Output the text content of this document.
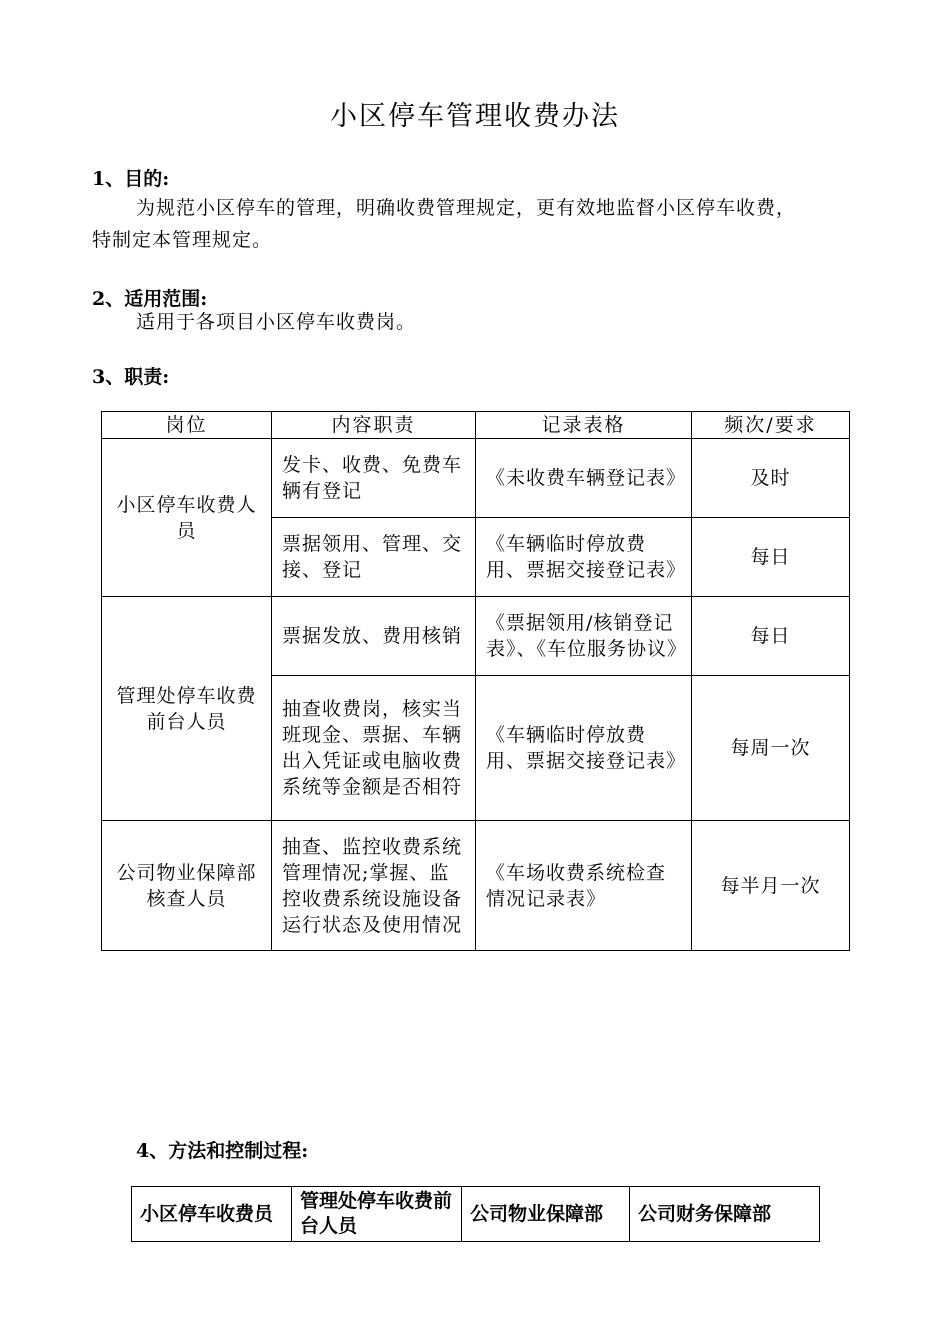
小区停车管理收费办法
1、目的:
为规范小区停车的管理，明确收费管理规定，更有效地监督小区停车收费，
特制定本管理规定。
2、适用范围:
适用于各项目小区停车收费岗。
3、职责:
岗位	内容职责	记录表格	频次/要求
小区停车收费人员	发卡、收费、免费车辆有登记	《未收费车辆登记表》	及时
	票据领用、管理、交接、登记	《车辆临时停放费用、票据交接登记表》	每日
管理处停车收费前台人员	票据发放、费用核销	《票据领用/核销登记表》、《车位服务协议》	每日
	抽查收费岗，核实当班现金、票据、车辆出入凭证或电脑收费系统等金额是否相符	《车辆临时停放费用、票据交接登记表》	每周一次
公司物业保障部核查人员	抽查、监控收费系统管理情况;掌握、监控收费系统设施设备运行状态及使用情况	《车场收费系统检查情况记录表》	每半月一次
4、方法和控制过程:
小区停车收费员	管理处停车收费前台人员	公司物业保障部	公司财务保障部
